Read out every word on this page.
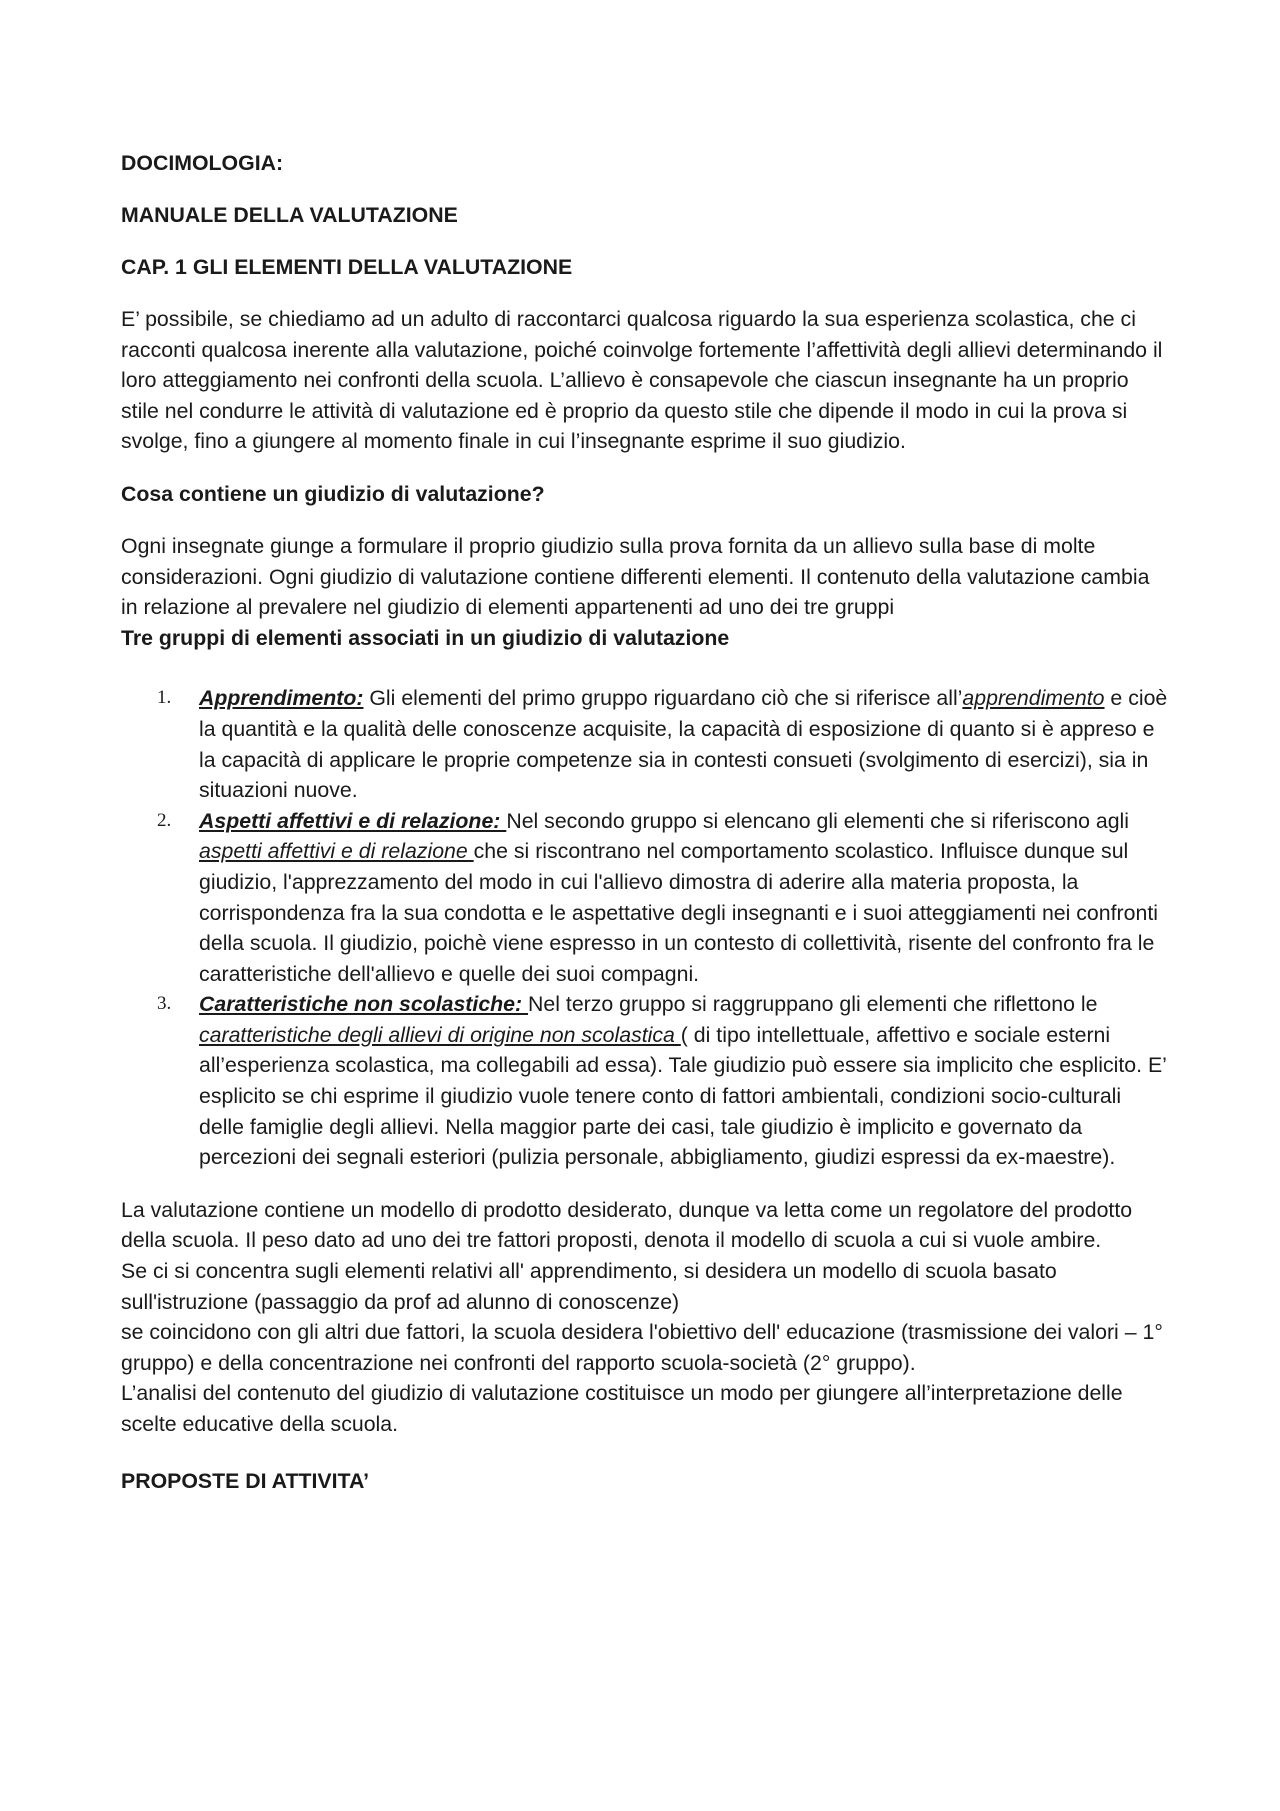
DOCIMOLOGIA:
MANUALE DELLA VALUTAZIONE
CAP. 1 GLI ELEMENTI DELLA VALUTAZIONE
E’ possibile, se chiediamo ad un adulto di raccontarci qualcosa riguardo la sua esperienza scolastica, che ci racconti qualcosa inerente alla valutazione, poiché coinvolge fortemente l’affettività degli allievi determinando il loro atteggiamento nei confronti della scuola. L’allievo è consapevole che ciascun insegnante ha un proprio stile nel condurre le attività di valutazione ed è proprio da questo stile che dipende il modo in cui la prova si svolge, fino a giungere al momento finale in cui l’insegnante esprime il suo giudizio.
Cosa contiene un giudizio di valutazione?
Ogni insegnate giunge a formulare il proprio giudizio sulla prova fornita da un allievo sulla base di molte considerazioni. Ogni giudizio di valutazione contiene differenti elementi. Il contenuto della valutazione cambia in relazione al prevalere nel giudizio di elementi appartenenti ad uno dei tre gruppi
Tre gruppi di elementi associati in un giudizio di valutazione
1. Apprendimento: Gli elementi del primo gruppo riguardano ciò che si riferisce all’apprendimento e cioè la quantità e la qualità delle conoscenze acquisite, la capacità di esposizione di quanto si è appreso e la capacità di applicare le proprie competenze sia in contesti consueti (svolgimento di esercizi), sia in situazioni nuove.
2. Aspetti affettivi e di relazione: Nel secondo gruppo si elencano gli elementi che si riferiscono agli aspetti affettivi e di relazione che si riscontrano nel comportamento scolastico. Influisce dunque sul giudizio, l'apprezzamento del modo in cui l'allievo dimostra di aderire alla materia proposta, la corrispondenza fra la sua condotta e le aspettative degli insegnanti e i suoi atteggiamenti nei confronti della scuola. Il giudizio, poichè viene espresso in un contesto di collettività, risente del confronto fra le caratteristiche dell'allievo e quelle dei suoi compagni.
3. Caratteristiche non scolastiche: Nel terzo gruppo si raggruppano gli elementi che riflettono le caratteristiche degli allievi di origine non scolastica ( di tipo intellettuale, affettivo e sociale esterni all’esperienza scolastica, ma collegabili ad essa). Tale giudizio può essere sia implicito che esplicito. E’ esplicito se chi esprime il giudizio vuole tenere conto di fattori ambientali, condizioni socio-culturali delle famiglie degli allievi. Nella maggior parte dei casi, tale giudizio è implicito e governato da percezioni dei segnali esteriori (pulizia personale, abbigliamento, giudizi espressi da ex-maestre).

La valutazione contiene un modello di prodotto desiderato, dunque va letta come un regolatore del prodotto della scuola. Il peso dato ad uno dei tre fattori proposti, denota il modello di scuola a cui si vuole ambire.

Se ci si concentra sugli elementi relativi all' apprendimento, si desidera un modello di scuola basato sull'istruzione (passaggio da prof ad alunno di conoscenze)

se coincidono con gli altri due fattori, la scuola desidera l'obiettivo dell' educazione (trasmissione dei valori – 1° gruppo) e della concentrazione nei confronti del rapporto scuola-società (2° gruppo).

L’analisi del contenuto del giudizio di valutazione costituisce un modo per giungere all’interpretazione delle scelte educative della scuola.

PROPOSTE DI ATTIVITA’
